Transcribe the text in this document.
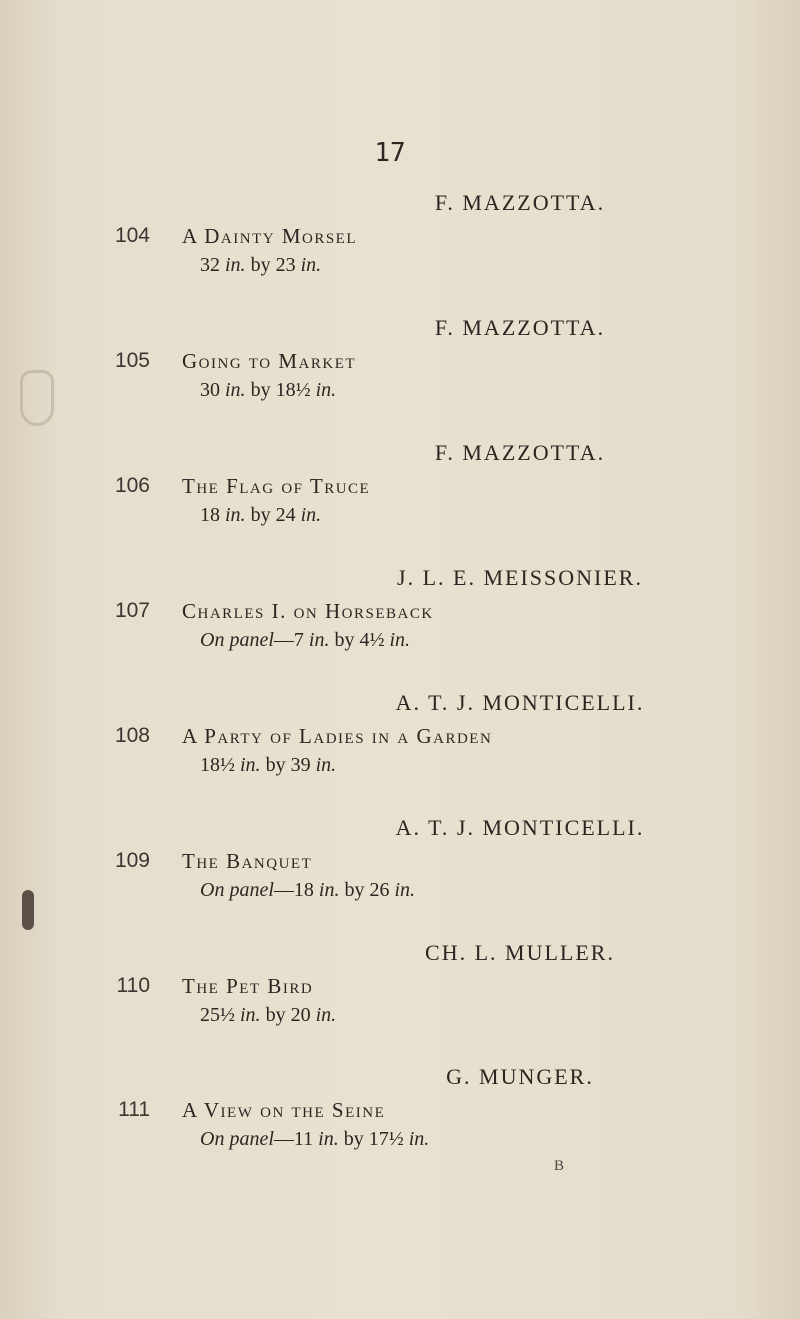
17
F. MAZZOTTA.
104 A Dainty Morsel
32 in. by 23 in.
F. MAZZOTTA.
105 Going to Market
30 in. by 18½ in.
F. MAZZOTTA.
106 The Flag of Truce
18 in. by 24 in.
J. L. E. MEISSONIER.
107 Charles I. on Horseback
On panel—7 in. by 4½ in.
A. T. J. MONTICELLI.
108 A Party of Ladies in a Garden
18½ in. by 39 in.
A. T. J. MONTICELLI.
109 The Banquet
On panel—18 in. by 26 in.
CH. L. MULLER.
110 The Pet Bird
25½ in. by 20 in.
G. MUNGER.
111 A View on the Seine
On panel—11 in. by 17½ in.
B
